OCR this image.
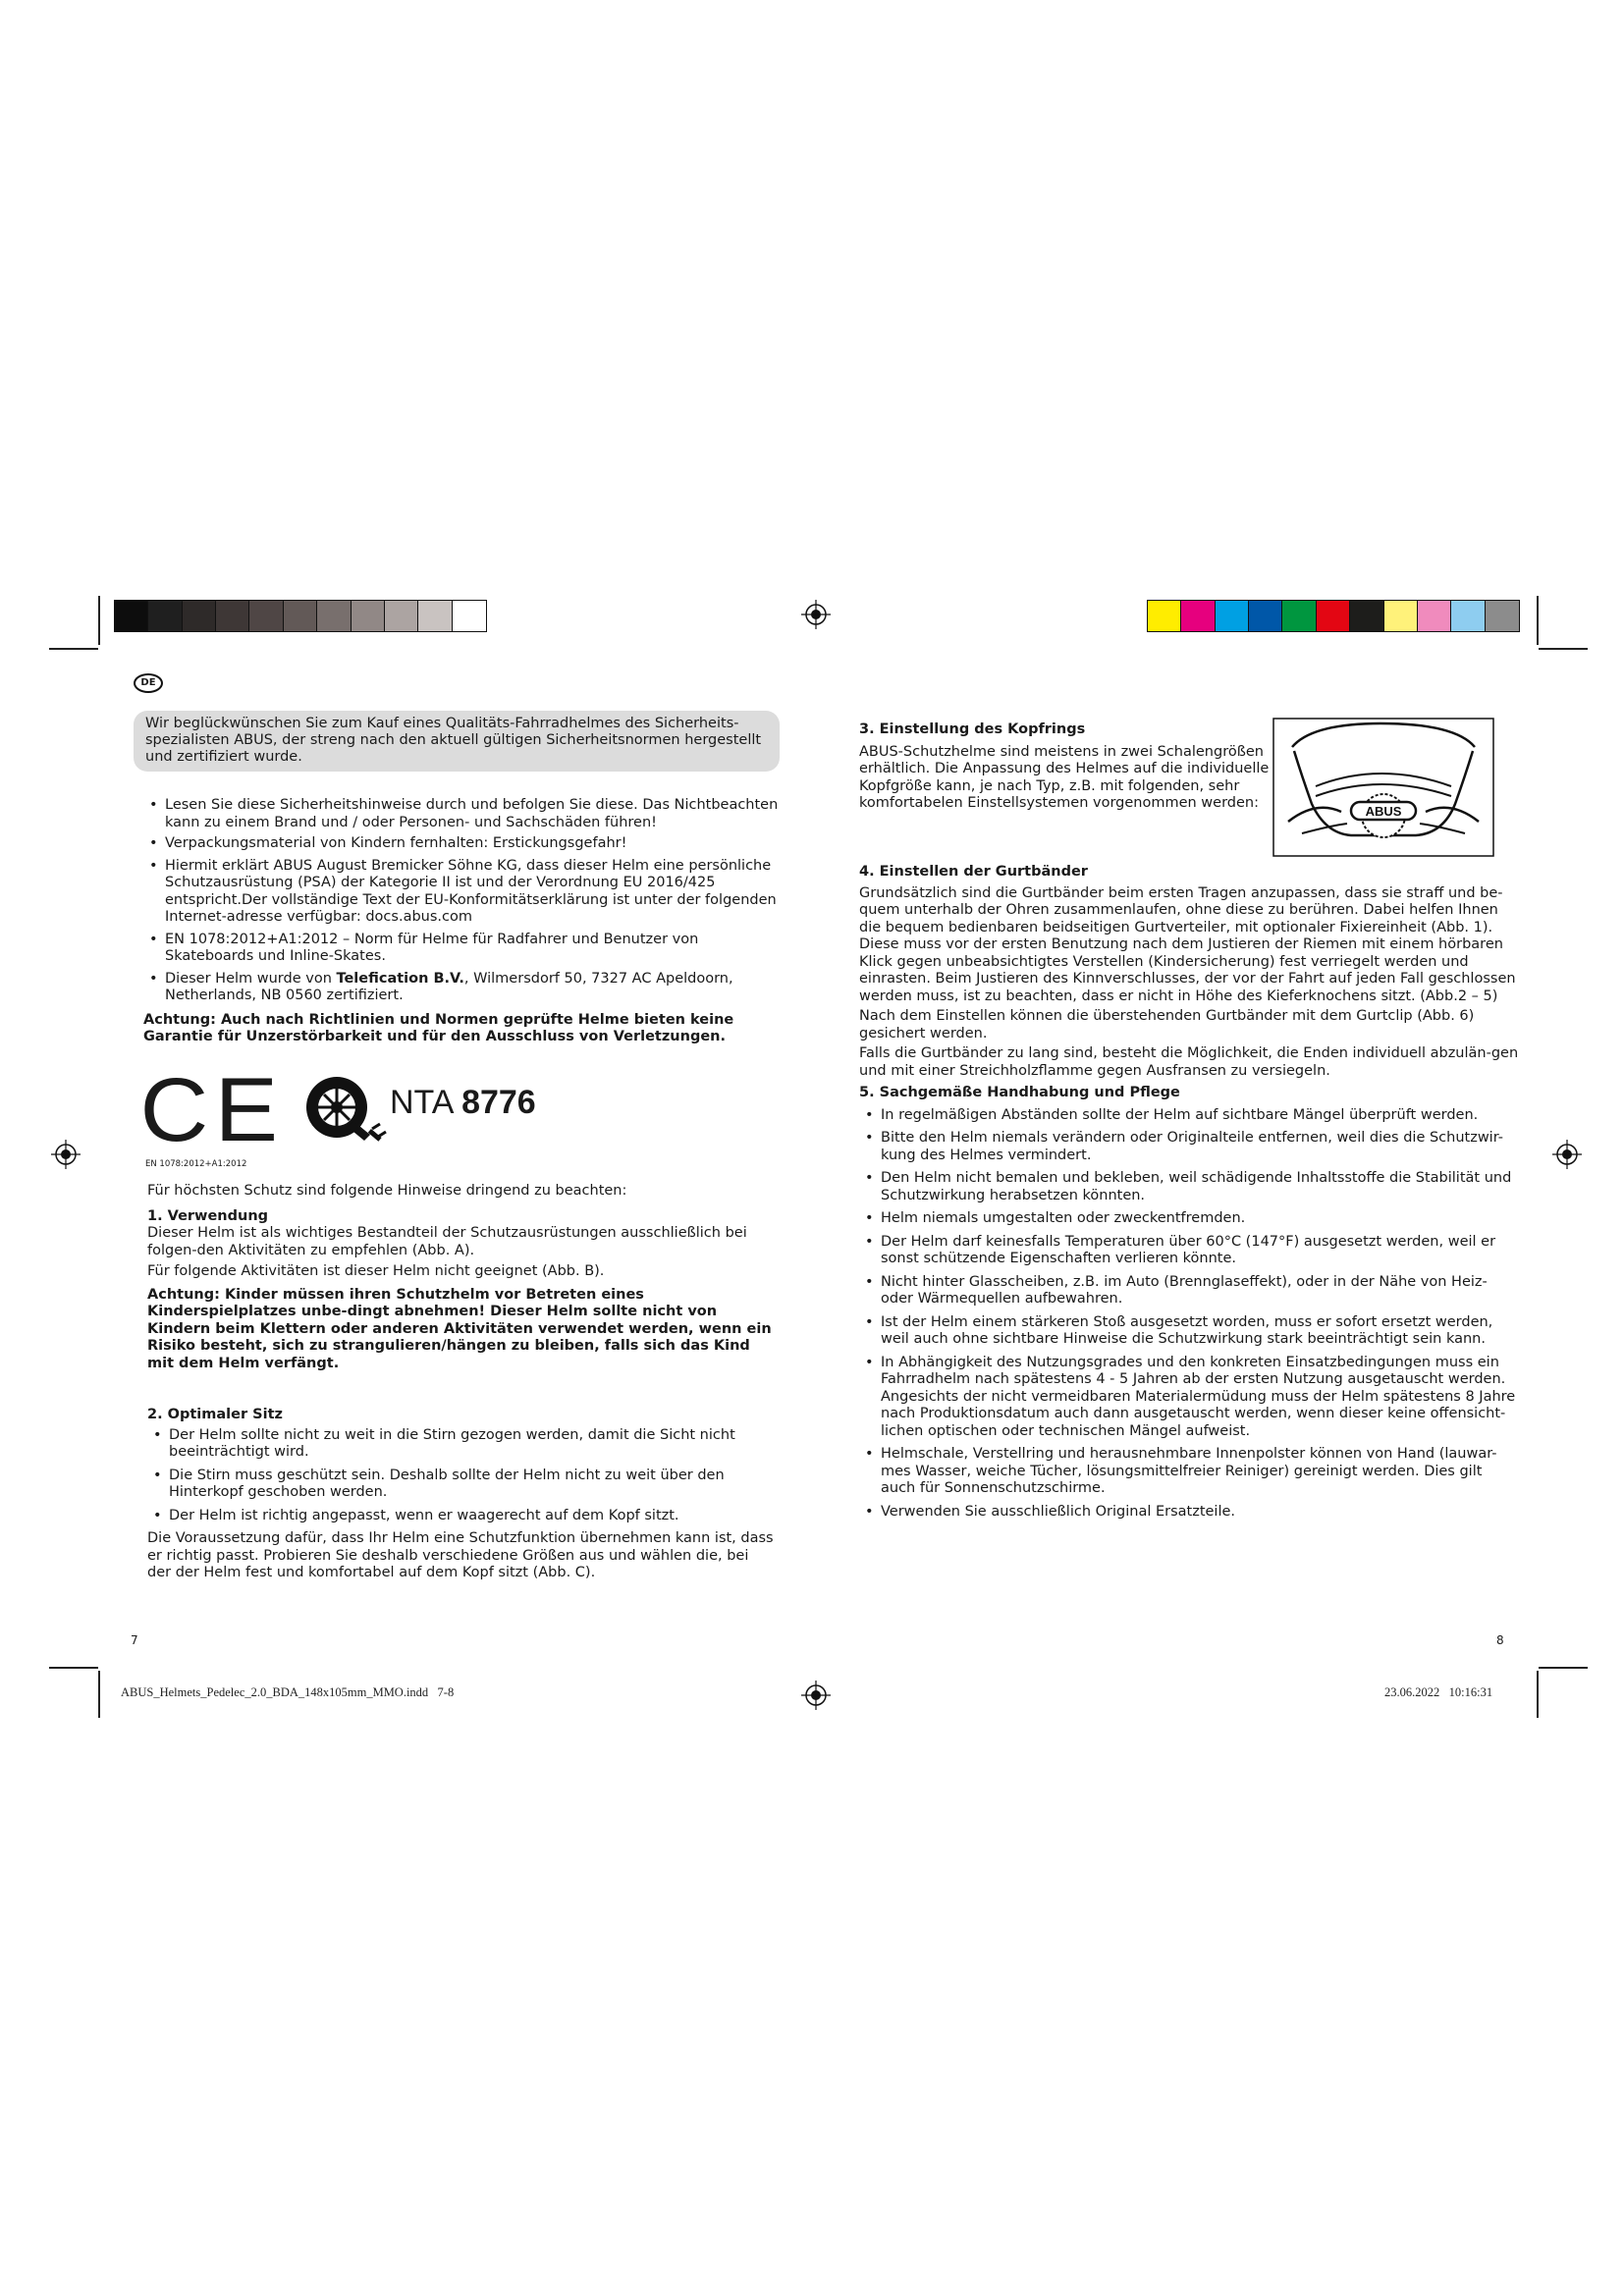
DE
Wir beglückwünschen Sie zum Kauf eines Qualitäts-Fahrradhelmes des Sicherheits-spezialisten ABUS, der streng nach den aktuell gültigen Sicherheitsnormen hergestellt und zertifiziert wurde.

• Lesen Sie diese Sicherheitshinweise durch und befolgen Sie diese. Das Nichtbeachten kann zu einem Brand und / oder Personen- und Sachschäden führen!

• Verpackungsmaterial von Kindern fernhalten: Erstickungsgefahr!

• Hiermit erklärt ABUS August Bremicker Söhne KG, dass dieser Helm eine persönliche Schutzausrüstung (PSA) der Kategorie II ist und der Verordnung EU 2016/425 entspricht.Der vollständige Text der EU-Konformitätserklärung ist unter der folgenden Internet-adresse verfügbar: docs.abus.com

• EN 1078:2012+A1:2012 – Norm für Helme für Radfahrer und Benutzer von Skateboards und Inline-Skates.

• Dieser Helm wurde von Telefication B.V., Wilmersdorf 50, 7327 AC Apeldoorn, Netherlands, NB 0560 zertifiziert.

Achtung: Auch nach Richtlinien und Normen geprüfte Helme bieten keine Garantie für Unzerstörbarkeit und für den Ausschluss von Verletzungen.

CE	NTA 8776
EN 1078:2012+A1:2012

Für höchsten Schutz sind folgende Hinweise dringend zu beachten:

1. Verwendung

Dieser Helm ist als wichtiges Bestandteil der Schutzausrüstungen ausschließlich bei folgen-den Aktivitäten zu empfehlen (Abb. A).

Für folgende Aktivitäten ist dieser Helm nicht geeignet (Abb. B).

Achtung: Kinder müssen ihren Schutzhelm vor Betreten eines Kinderspielplatzes unbe-dingt abnehmen! Dieser Helm sollte nicht von Kindern beim Klettern oder anderen Aktivitäten verwendet werden, wenn ein Risiko besteht, sich zu strangulieren/hängen zu bleiben, falls sich das Kind mit dem Helm verfängt.

2. Optimaler Sitz

• Der Helm sollte nicht zu weit in die Stirn gezogen werden, damit die Sicht nicht beeinträchtigt wird.

• Die Stirn muss geschützt sein. Deshalb sollte der Helm nicht zu weit über den Hinterkopf geschoben werden.

• Der Helm ist richtig angepasst, wenn er waagerecht auf dem Kopf sitzt.

Die Voraussetzung dafür, dass Ihr Helm eine Schutzfunktion übernehmen kann ist, dass er richtig passt. Probieren Sie deshalb verschiedene Größen aus und wählen die, bei der der Helm fest und komfortabel auf dem Kopf sitzt (Abb. C).

3. Einstellung des Kopfrings

ABUS-Schutzhelme sind meistens in zwei Schalengrößen erhältlich. Die Anpassung des Helmes auf die individuelle Kopfgröße kann, je nach Typ, z.B. mit folgenden, sehr komfortabelen Einstellsystemen vorgenommen werden:

ABUS

4. Einstellen der Gurtbänder

Grundsätzlich sind die Gurtbänder beim ersten Tragen anzupassen, dass sie straff und be-quem unterhalb der Ohren zusammenlaufen, ohne diese zu berühren. Dabei helfen Ihnen die bequem bedienbaren beidseitigen Gurtverteiler, mit optionaler Fixiereinheit (Abb. 1).

Diese muss vor der ersten Benutzung nach dem Justieren der Riemen mit einem hörbaren Klick gegen unbeabsichtigtes Verstellen (Kindersicherung) fest verriegelt werden und einrasten. Beim Justieren des Kinnverschlusses, der vor der Fahrt auf jeden Fall geschlossen werden muss, ist zu beachten, dass er nicht in Höhe des Kieferknochens sitzt. (Abb.2 – 5)

Nach dem Einstellen können die überstehenden Gurtbänder mit dem Gurtclip (Abb. 6) gesichert werden.

Falls die Gurtbänder zu lang sind, besteht die Möglichkeit, die Enden individuell abzulän-gen und mit einer Streichholzflamme gegen Ausfransen zu versiegeln.

5. Sachgemäße Handhabung und Pflege

• In regelmäßigen Abständen sollte der Helm auf sichtbare Mängel überprüft werden.

• Bitte den Helm niemals verändern oder Originalteile entfernen, weil dies die Schutzwir-kung des Helmes vermindert.

• Den Helm nicht bemalen und bekleben, weil schädigende Inhaltsstoffe die Stabilität und Schutzwirkung herabsetzen könnten.

• Helm niemals umgestalten oder zweckentfremden.

• Der Helm darf keinesfalls Temperaturen über 60°C (147°F) ausgesetzt werden, weil er sonst schützende Eigenschaften verlieren könnte.

• Nicht hinter Glasscheiben, z.B. im Auto (Brennglaseffekt), oder in der Nähe von Heiz- oder Wärmequellen aufbewahren.

• Ist der Helm einem stärkeren Stoß ausgesetzt worden, muss er sofort ersetzt werden, weil auch ohne sichtbare Hinweise die Schutzwirkung stark beeinträchtigt sein kann.

• In Abhängigkeit des Nutzungsgrades und den konkreten Einsatzbedingungen muss ein Fahrradhelm nach spätestens 4 - 5 Jahren ab der ersten Nutzung ausgetauscht werden. Angesichts der nicht vermeidbaren Materialermüdung muss der Helm spätestens 8 Jahre nach Produktionsdatum auch dann ausgetauscht werden, wenn dieser keine offensicht-lichen optischen oder technischen Mängel aufweist.

• Helmschale, Verstellring und herausnehmbare Innenpolster können von Hand (lauwar-mes Wasser, weiche Tücher, lösungsmittelfreier Reiniger) gereinigt werden. Dies gilt auch für Sonnenschutzschirme.

• Verwenden Sie ausschließlich Original Ersatzteile.

7	8
ABUS_Helmets_Pedelec_2.0_BDA_148x105mm_MMO.indd   7-8	23.06.2022   10:16:31
